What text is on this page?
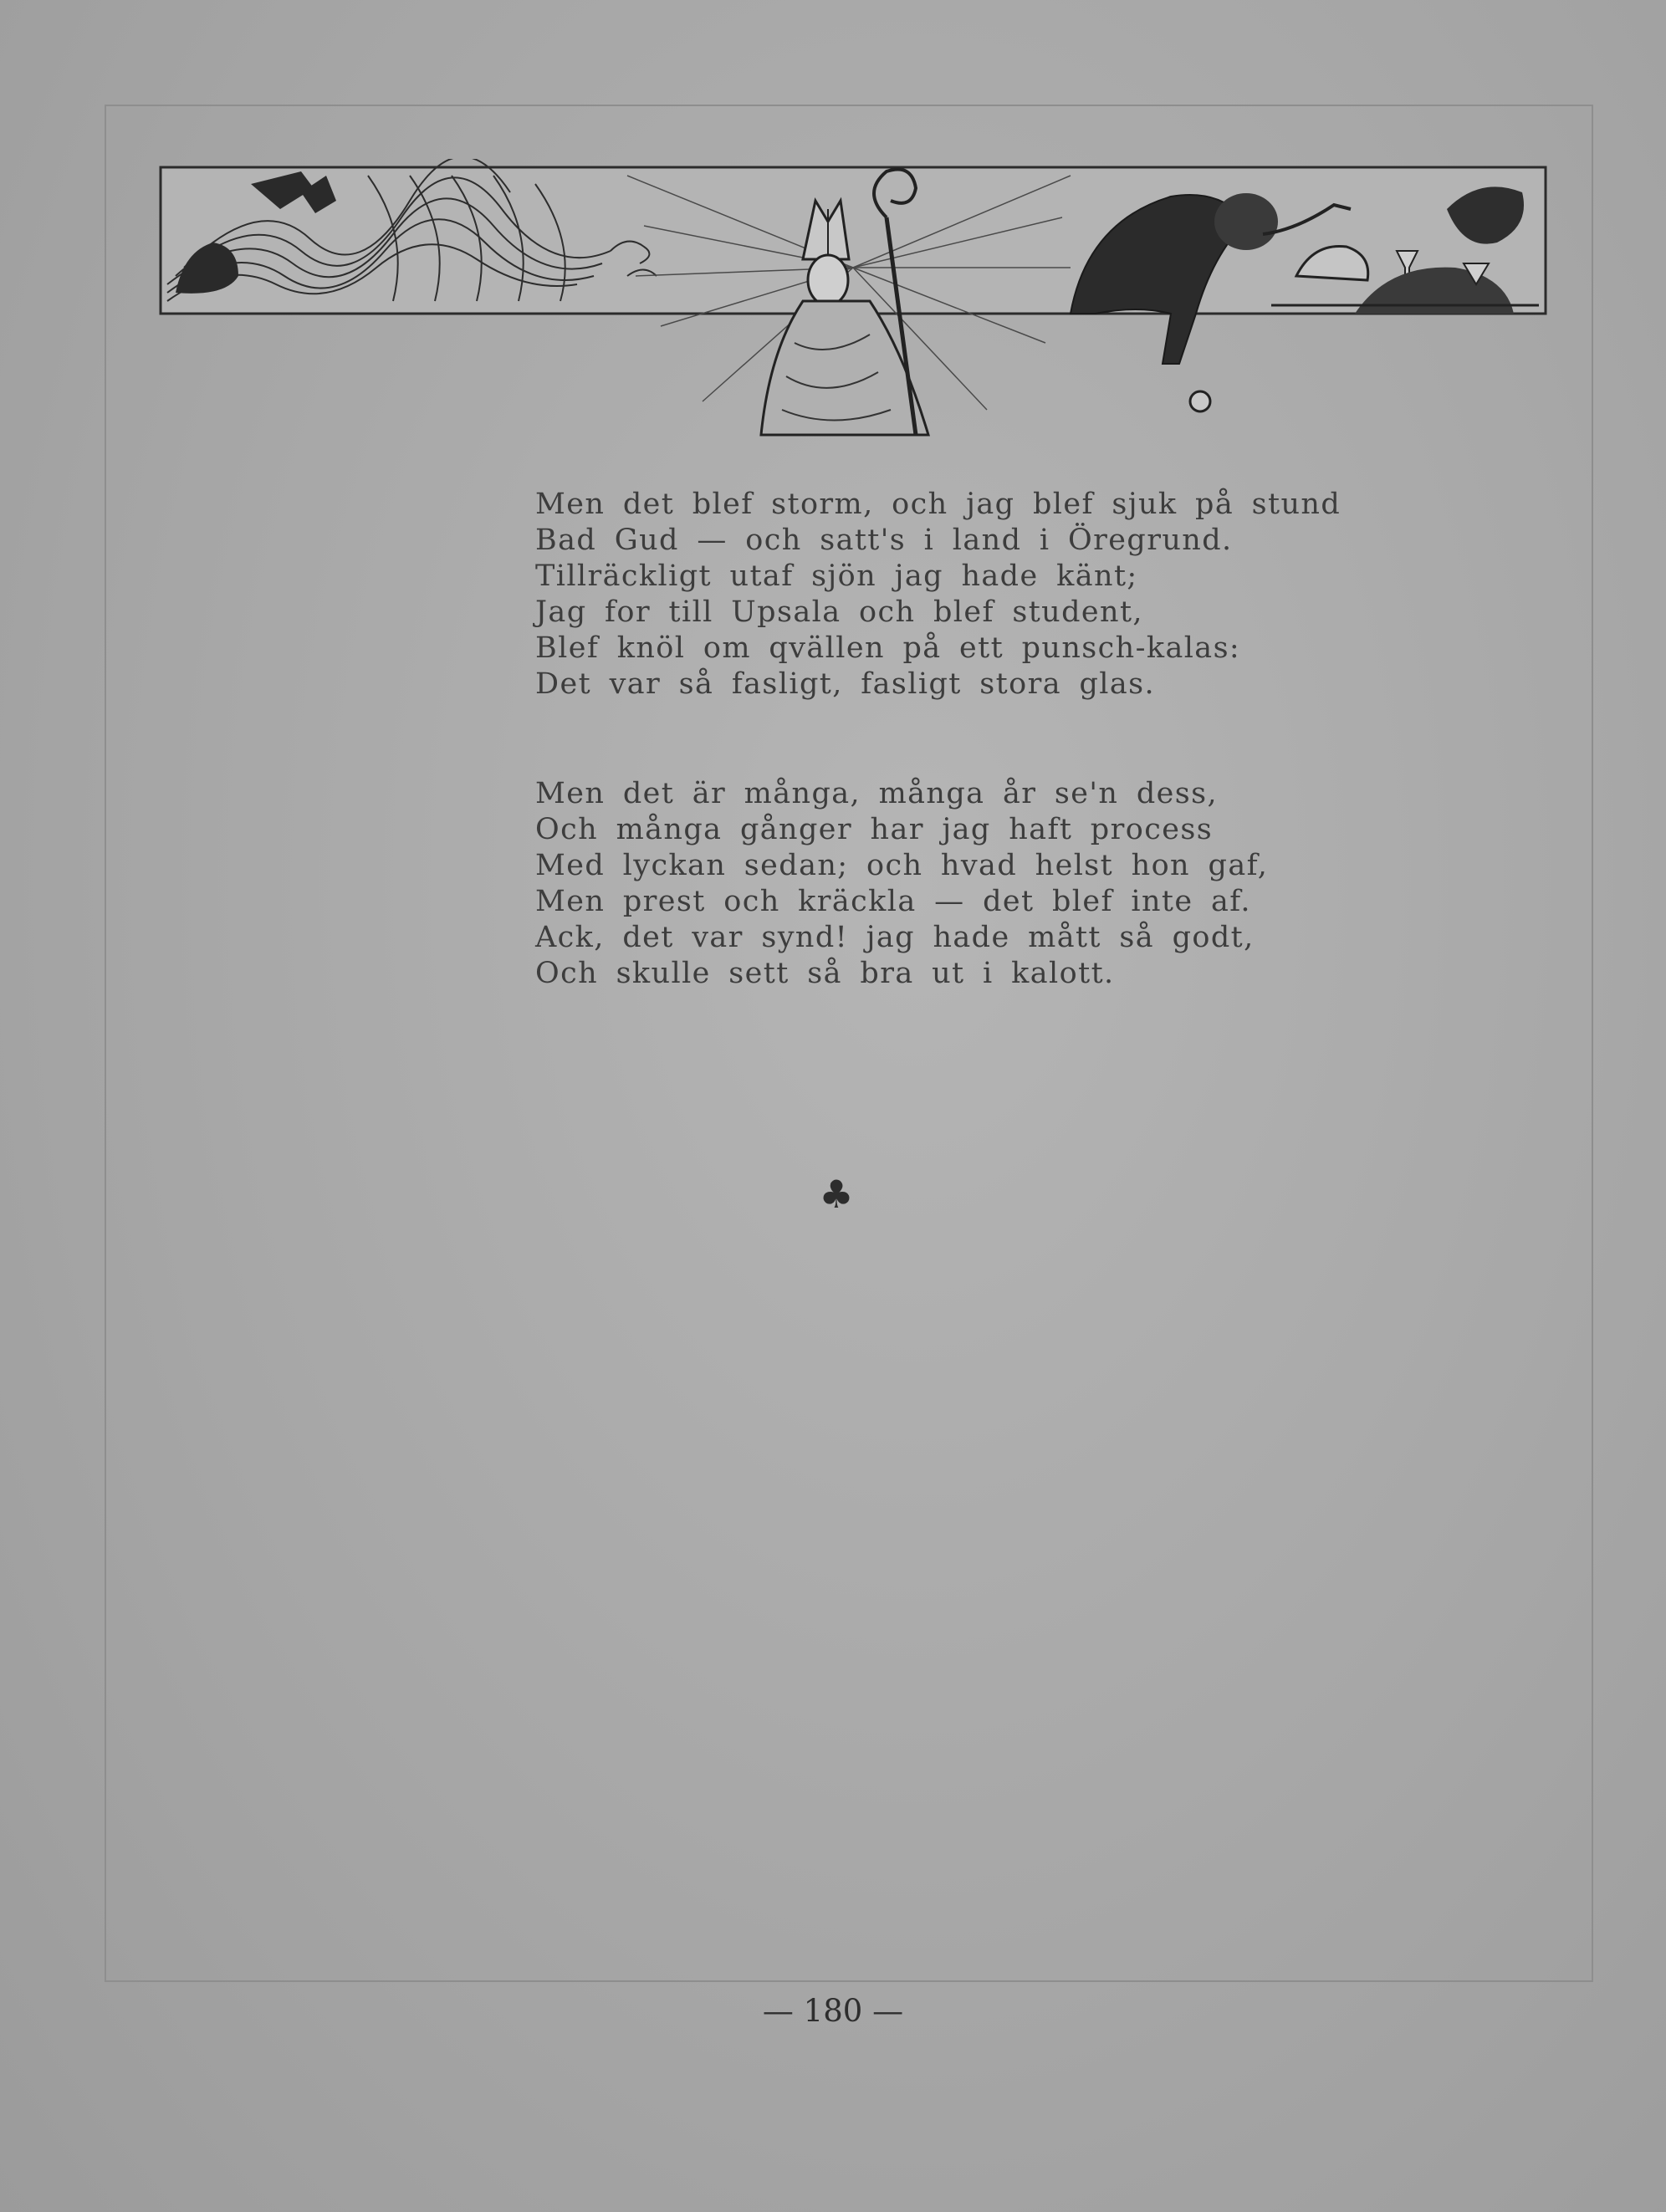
Men det blef storm, och jag blef sjuk på stund
Bad Gud — och satt's i land i Öregrund.
Tillräckligt utaf sjön jag hade känt;
Jag for till Upsala och blef student,
Blef knöl om qvällen på ett punsch-kalas:
Det var så fasligt, fasligt stora glas.
Men det är många, många år se'n dess,
Och många gånger har jag haft process
Med lyckan sedan; och hvad helst hon gaf,
Men prest och kräckla — det blef inte af.
Ack, det var synd! jag hade mått så godt,
Och skulle sett så bra ut i kalott.
♣
— 180 —
